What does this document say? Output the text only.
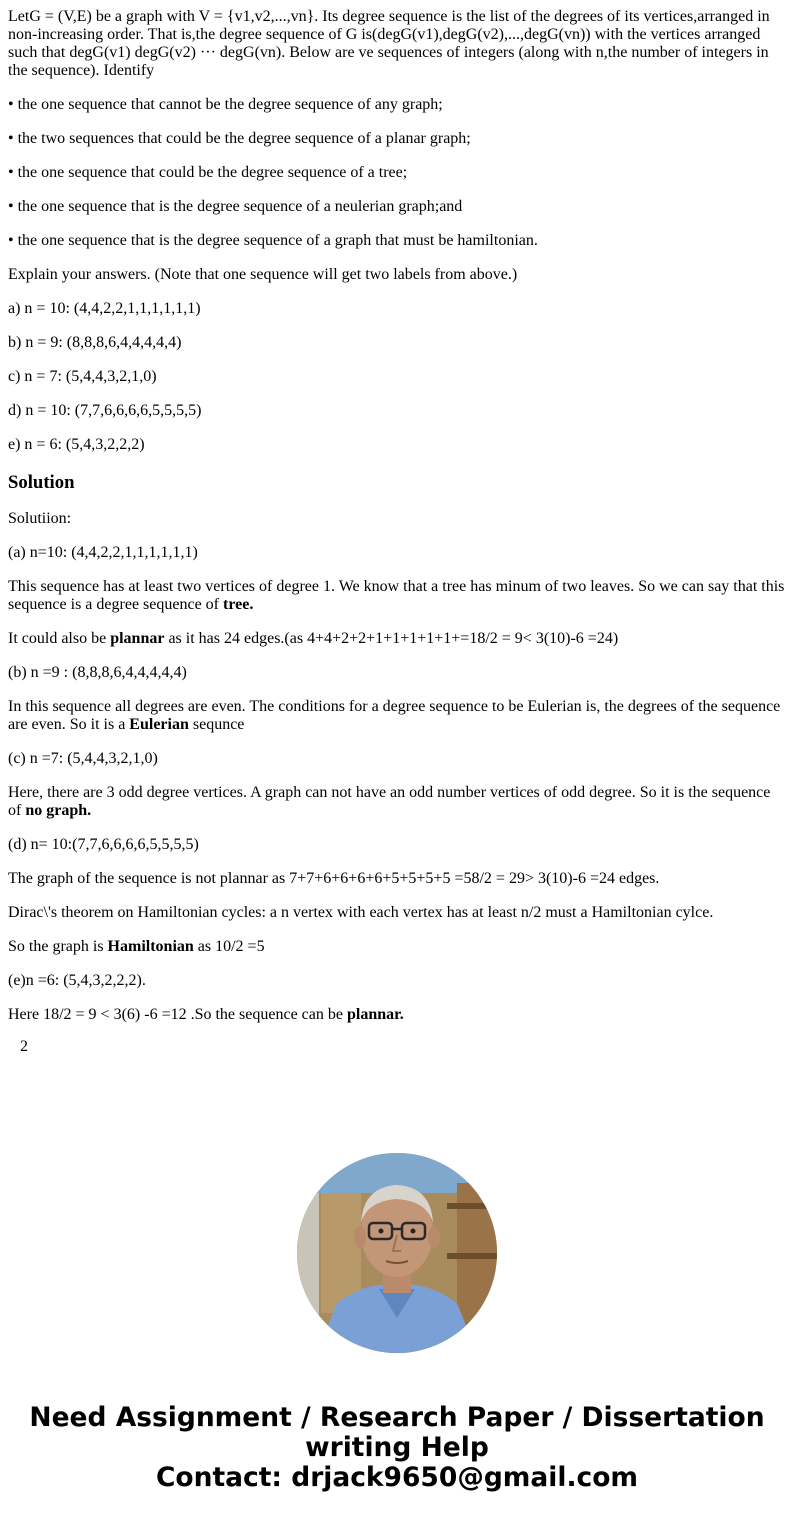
LetG = (V,E) be a graph with V = {v1,v2,...,vn}. Its degree sequence is the list of the degrees of its vertices,arranged in non-increasing order. That is,the degree sequence of G is(degG(v1),degG(v2),...,degG(vn)) with the vertices arranged such that degG(v1) degG(v2) ··· degG(vn). Below are ve sequences of integers (along with n,the number of integers in the sequence). Identify

• the one sequence that cannot be the degree sequence of any graph;

• the two sequences that could be the degree sequence of a planar graph;

• the one sequence that could be the degree sequence of a tree;

• the one sequence that is the degree sequence of a neulerian graph;and

• the one sequence that is the degree sequence of a graph that must be hamiltonian.

Explain your answers. (Note that one sequence will get two labels from above.)

a) n = 10: (4,4,2,2,1,1,1,1,1,1)

b) n = 9: (8,8,8,6,4,4,4,4,4)

c) n = 7: (5,4,4,3,2,1,0)

d) n = 10: (7,7,6,6,6,6,5,5,5,5)

e) n = 6: (5,4,3,2,2,2)

Solution

Solutiion:

(a) n=10: (4,4,2,2,1,1,1,1,1,1)

This sequence has at least two vertices of degree 1. We know that a tree has minum of two leaves. So we can say that this sequence is a degree sequence of tree.

It could also be plannar as it has 24 edges.(as 4+4+2+2+1+1+1+1+1+=18/2 = 9< 3(10)-6 =24)

(b) n =9 : (8,8,8,6,4,4,4,4,4)

In this sequence all degrees are even. The conditions for a degree sequence to be Eulerian is, the degrees of the sequence are even. So it is a Eulerian sequnce

(c) n =7: (5,4,4,3,2,1,0)

Here, there are 3 odd degree vertices. A graph can not have an odd number vertices of odd degree. So it is the sequence of no graph.

(d) n= 10:(7,7,6,6,6,6,5,5,5,5)

The graph of the sequence is not plannar as 7+7+6+6+6+6+5+5+5+5 =58/2 = 29> 3(10)-6 =24 edges.

Dirac\'s theorem on Hamiltonian cycles: a n vertex with each vertex has at least n/2 must a Hamiltonian cylce.

So the graph is Hamiltonian as 10/2 =5

(e)n =6: (5,4,3,2,2,2).

Here 18/2 = 9 < 3(6) -6 =12 .So the sequence can be plannar.

2
Need Assignment / Research Paper / Dissertation
writing Help
Contact: drjack9650@gmail.com
